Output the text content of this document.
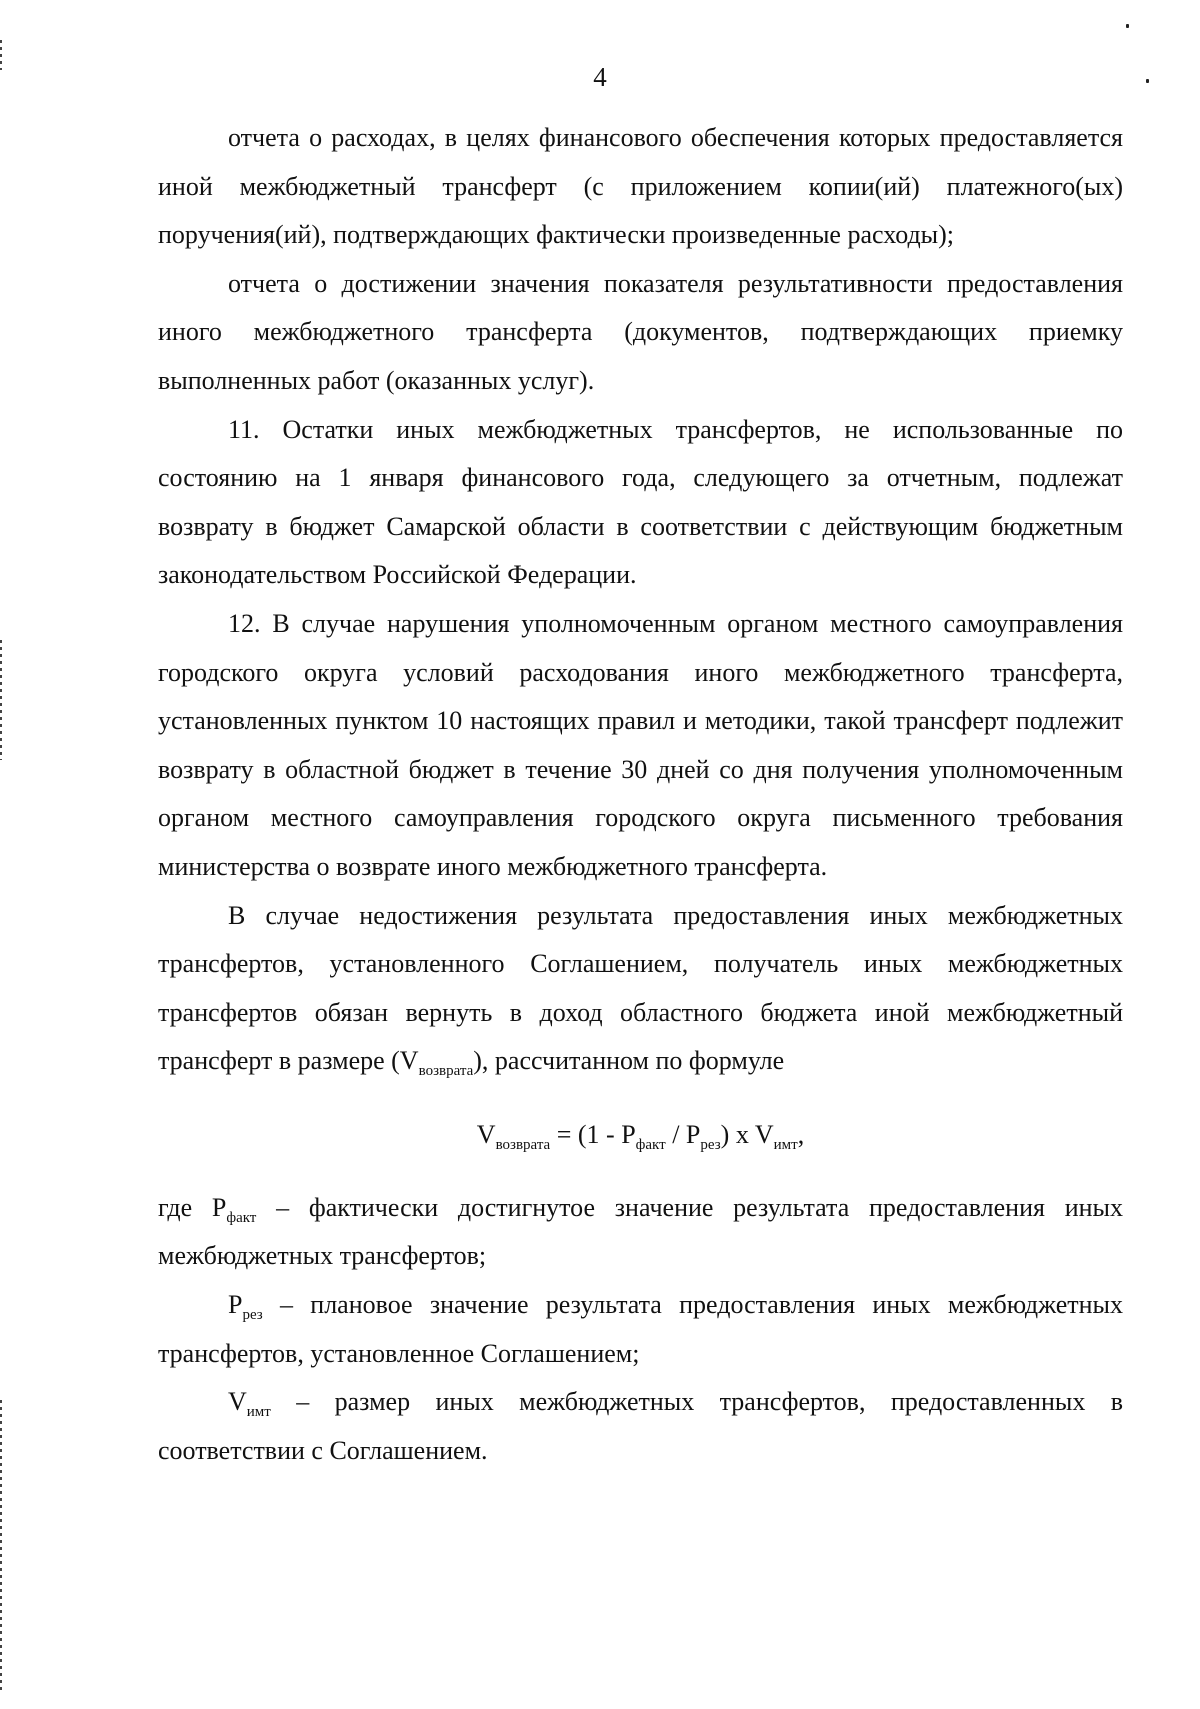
4

отчета о расходах, в целях финансового обеспечения которых предоставляется иной межбюджетный трансферт (с приложением копии(ий) платежного(ых) поручения(ий), подтверждающих фактически произведенные расходы);

отчета о достижении значения показателя результативности предоставления иного межбюджетного трансферта (документов, подтверждающих приемку выполненных работ (оказанных услуг).

11. Остатки иных межбюджетных трансфертов, не использованные по состоянию на 1 января финансового года, следующего за отчетным, подлежат возврату в бюджет Самарской области в соответствии с действующим бюджетным законодательством Российской Федерации.

12. В случае нарушения уполномоченным органом местного самоуправления городского округа условий расходования иного межбюджетного трансферта, установленных пунктом 10 настоящих правил и методики, такой трансферт подлежит возврату в областной бюджет в течение 30 дней со дня получения уполномоченным органом местного самоуправления городского округа письменного требования министерства о возврате иного межбюджетного трансферта.

В случае недостижения результата предоставления иных межбюджетных трансфертов, установленного Соглашением, получатель иных межбюджетных трансфертов обязан вернуть в доход областного бюджета иной межбюджетный трансферт в размере $(V_{возврата})$, рассчитанном по формуле

$V_{возврата} = (1 - P_{факт} / P_{рез})$ x $V_{имт}$,

где $P_{факт}$ – фактически достигнутое значение результата предоставления иных межбюджетных трансфертов;

$P_{рез}$ – плановое значение результата предоставления иных межбюджетных трансфертов, установленное Соглашением;

$V_{имт}$ – размер иных межбюджетных трансфертов, предоставленных в соответствии с Соглашением.
